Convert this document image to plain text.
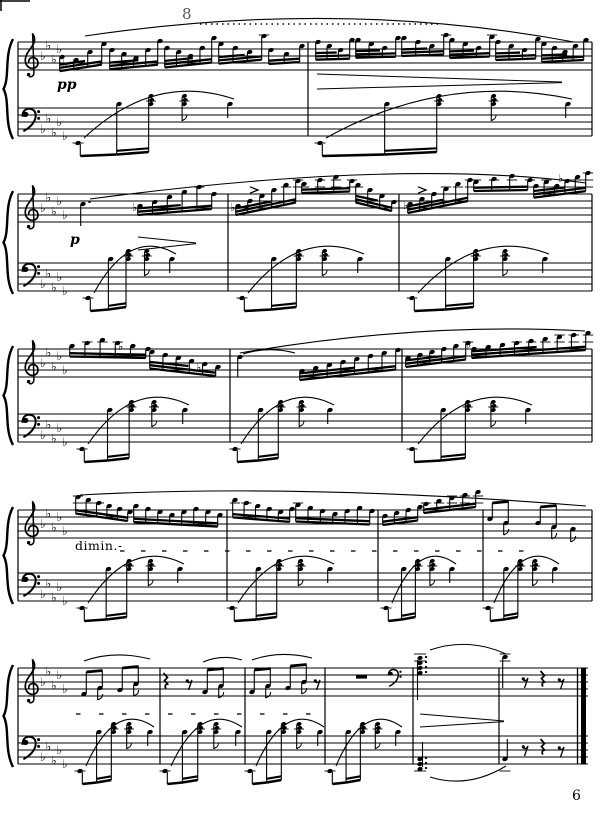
♭
♭
♭
♭
♭
♭
♭
♭
♭
♭
♭
♭
♭
♭
♭
♭
♭
♭
♭
♭	♭	♭
♭
♭
♭
♭
♭
♭
♭
♭
♭
♭
♭
♭
♭
♭
♭
♭
♭
♭
♭
♭
♭
♭
♭
♭
♭
♭
♭
♭
♭
♭
♭
♭
♭
♭
8
pp
p
dimin.-
6
